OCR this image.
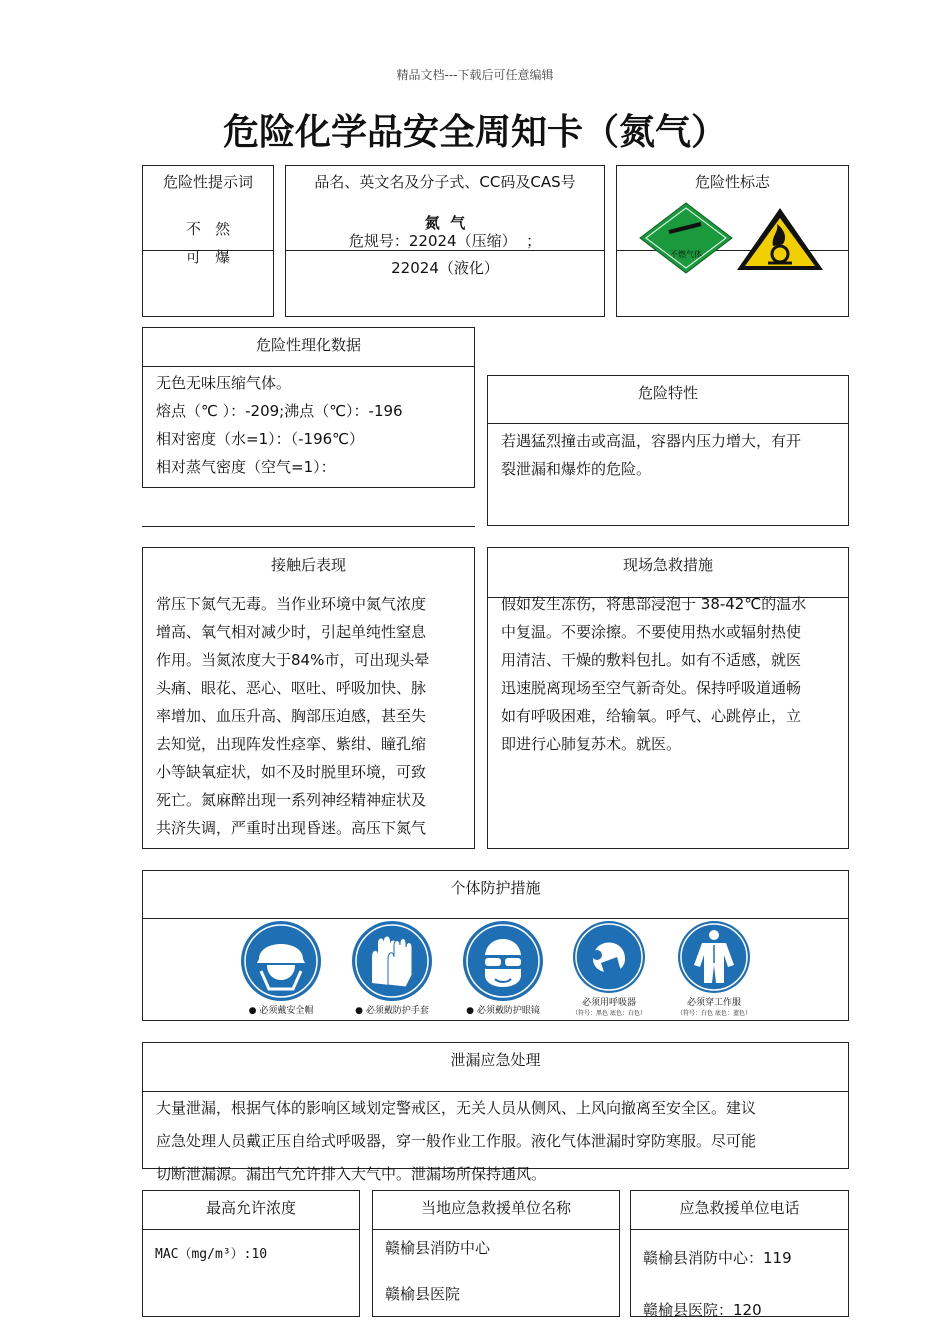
精品文档---下载后可任意编辑
危险化学品安全周知卡（氮气）
危险性提示词
不   然
可   爆
品名、英文名及分子式、CC码及CAS号
氮  气
危规号：22024（压缩）  ；
22024（液化）
危险性标志
不燃气体
危险性理化数据
无色无味压缩气体。
熔点（℃ ）：-209;沸点（℃）：-196
相对密度（水=1）：（-196℃）
相对蒸气密度（空气=1）：
危险特性
若遇猛烈撞击或高温，容器内压力增大，有开
裂泄漏和爆炸的危险。
接触后表现
常压下氮气无毒。当作业环境中氮气浓度
增高、氧气相对减少时，引起单纯性窒息
作用。当氮浓度大于84%市，可出现头晕
头痛、眼花、恶心、呕吐、呼吸加快、脉
率增加、血压升高、胸部压迫感，甚至失
去知觉，出现阵发性痉挛、紫绀、瞳孔缩
小等缺氧症状，如不及时脱里环境，可致
死亡。氮麻醉出现一系列神经精神症状及
共济失调，严重时出现昏迷。高压下氮气
现场急救措施
假如发生冻伤，将患部浸泡于 38-42℃的温水
中复温。不要涂擦。不要使用热水或辐射热使
用清洁、干燥的敷料包扎。如有不适感，就医
迅速脱离现场至空气新奇处。保持呼吸道通畅
如有呼吸困难，给输氧。呼气、心跳停止，立
即进行心肺复苏术。就医。
个体防护措施
● 必须戴安全帽	● 必须戴防护手套	● 必须戴防护眼镜
必须用呼吸器
（符号：黑色 底色：白色）
必须穿工作服
（符号：白色 底色：蓝色）
泄漏应急处理
大量泄漏，根据气体的影响区域划定警戒区，无关人员从侧风、上风向撤离至安全区。建议
应急处理人员戴正压自给式呼吸器，穿一般作业工作服。液化气体泄漏时穿防寒服。尽可能
切断泄漏源。漏出气允许排入大气中。泄漏场所保持通风。
最高允许浓度
MAC（mg/m³）:10
当地应急救援单位名称
赣榆县消防中心
赣榆县医院
应急救援单位电话
赣榆县消防中心：119
赣榆县医院：120
